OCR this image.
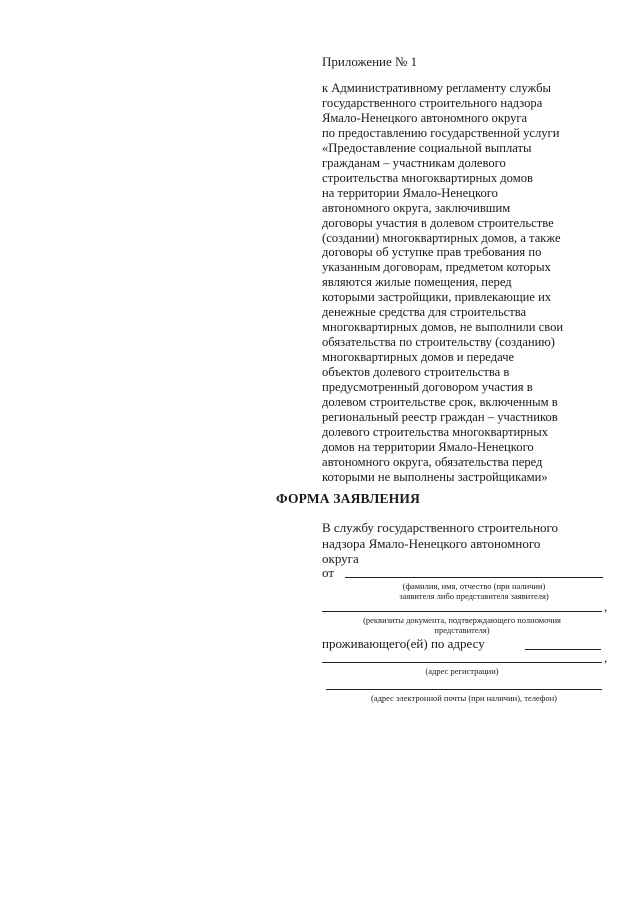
Приложение № 1
к Административному регламенту службы
государственного строительного надзора
Ямало-Ненецкого автономного округа
по предоставлению государственной услуги
«Предоставление социальной выплаты
гражданам – участникам долевого
строительства многоквартирных домов
на территории Ямало-Ненецкого
автономного округа, заключившим
договоры участия в долевом строительстве
(создании) многоквартирных домов, а также
договоры об уступке прав требования по
указанным договорам, предметом которых
являются жилые помещения, перед
которыми застройщики, привлекающие их
денежные средства для строительства
многоквартирных домов, не выполнили свои
обязательства по строительству (созданию)
многоквартирных домов и передаче
объектов долевого строительства в
предусмотренный договором участия в
долевом строительстве срок, включенным в
региональный реестр граждан – участников
долевого строительства многоквартирных
домов на территории Ямало-Ненецкого
автономного округа, обязательства перед
которыми не выполнены застройщиками»
ФОРМА ЗАЯВЛЕНИЯ
В службу государственного строительного
надзора Ямало-Ненецкого автономного
округа
от
(фамилия, имя, отчество (при наличии)
заявителя либо представителя заявителя)
,
(реквизиты документа, подтверждающего полномочия
представителя)
проживающего(ей) по адресу
,
(адрес регистрации)
(адрес электронной почты (при наличии), телефон)
